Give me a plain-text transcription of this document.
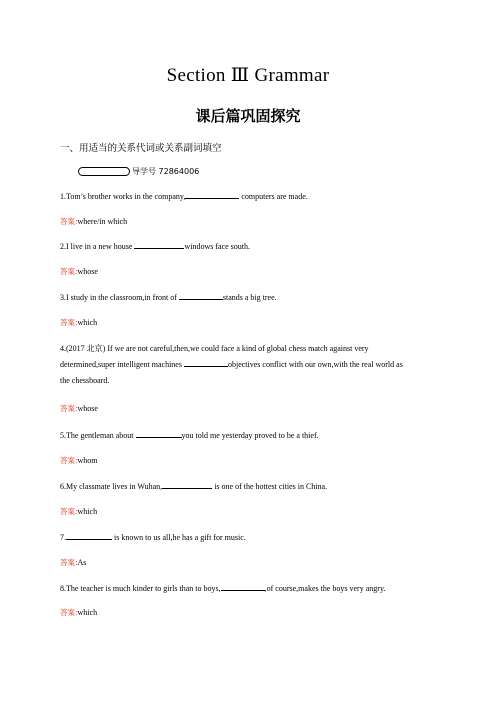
Section Ⅲ Grammar
课后篇巩固探究
一、用适当的关系代词或关系副词填空
导学号 72864006
1.Tom’s brother works in the company,	computers are made.
答案:where/in which
2.I live in a new house	windows face south.
答案:whose
3.I study in the classroom,in front of	stands a big tree.
答案:which
4.(2017 北京) If we are not careful,then,we could face a kind of global chess match against very
determined,super intelligent machines	objectives conflict with our own,with the real world as
the chessboard.
答案:whose
5.The gentleman about	you told me yesterday proved to be a thief.
答案:whom
6.My classmate lives in Wuhan,	is one of the hottest cities in China.
答案:which
7.	is known to us all,he has a gift for music.
答案:As
8.The teacher is much kinder to girls than to boys,	,of course,makes the boys very angry.
答案:which
